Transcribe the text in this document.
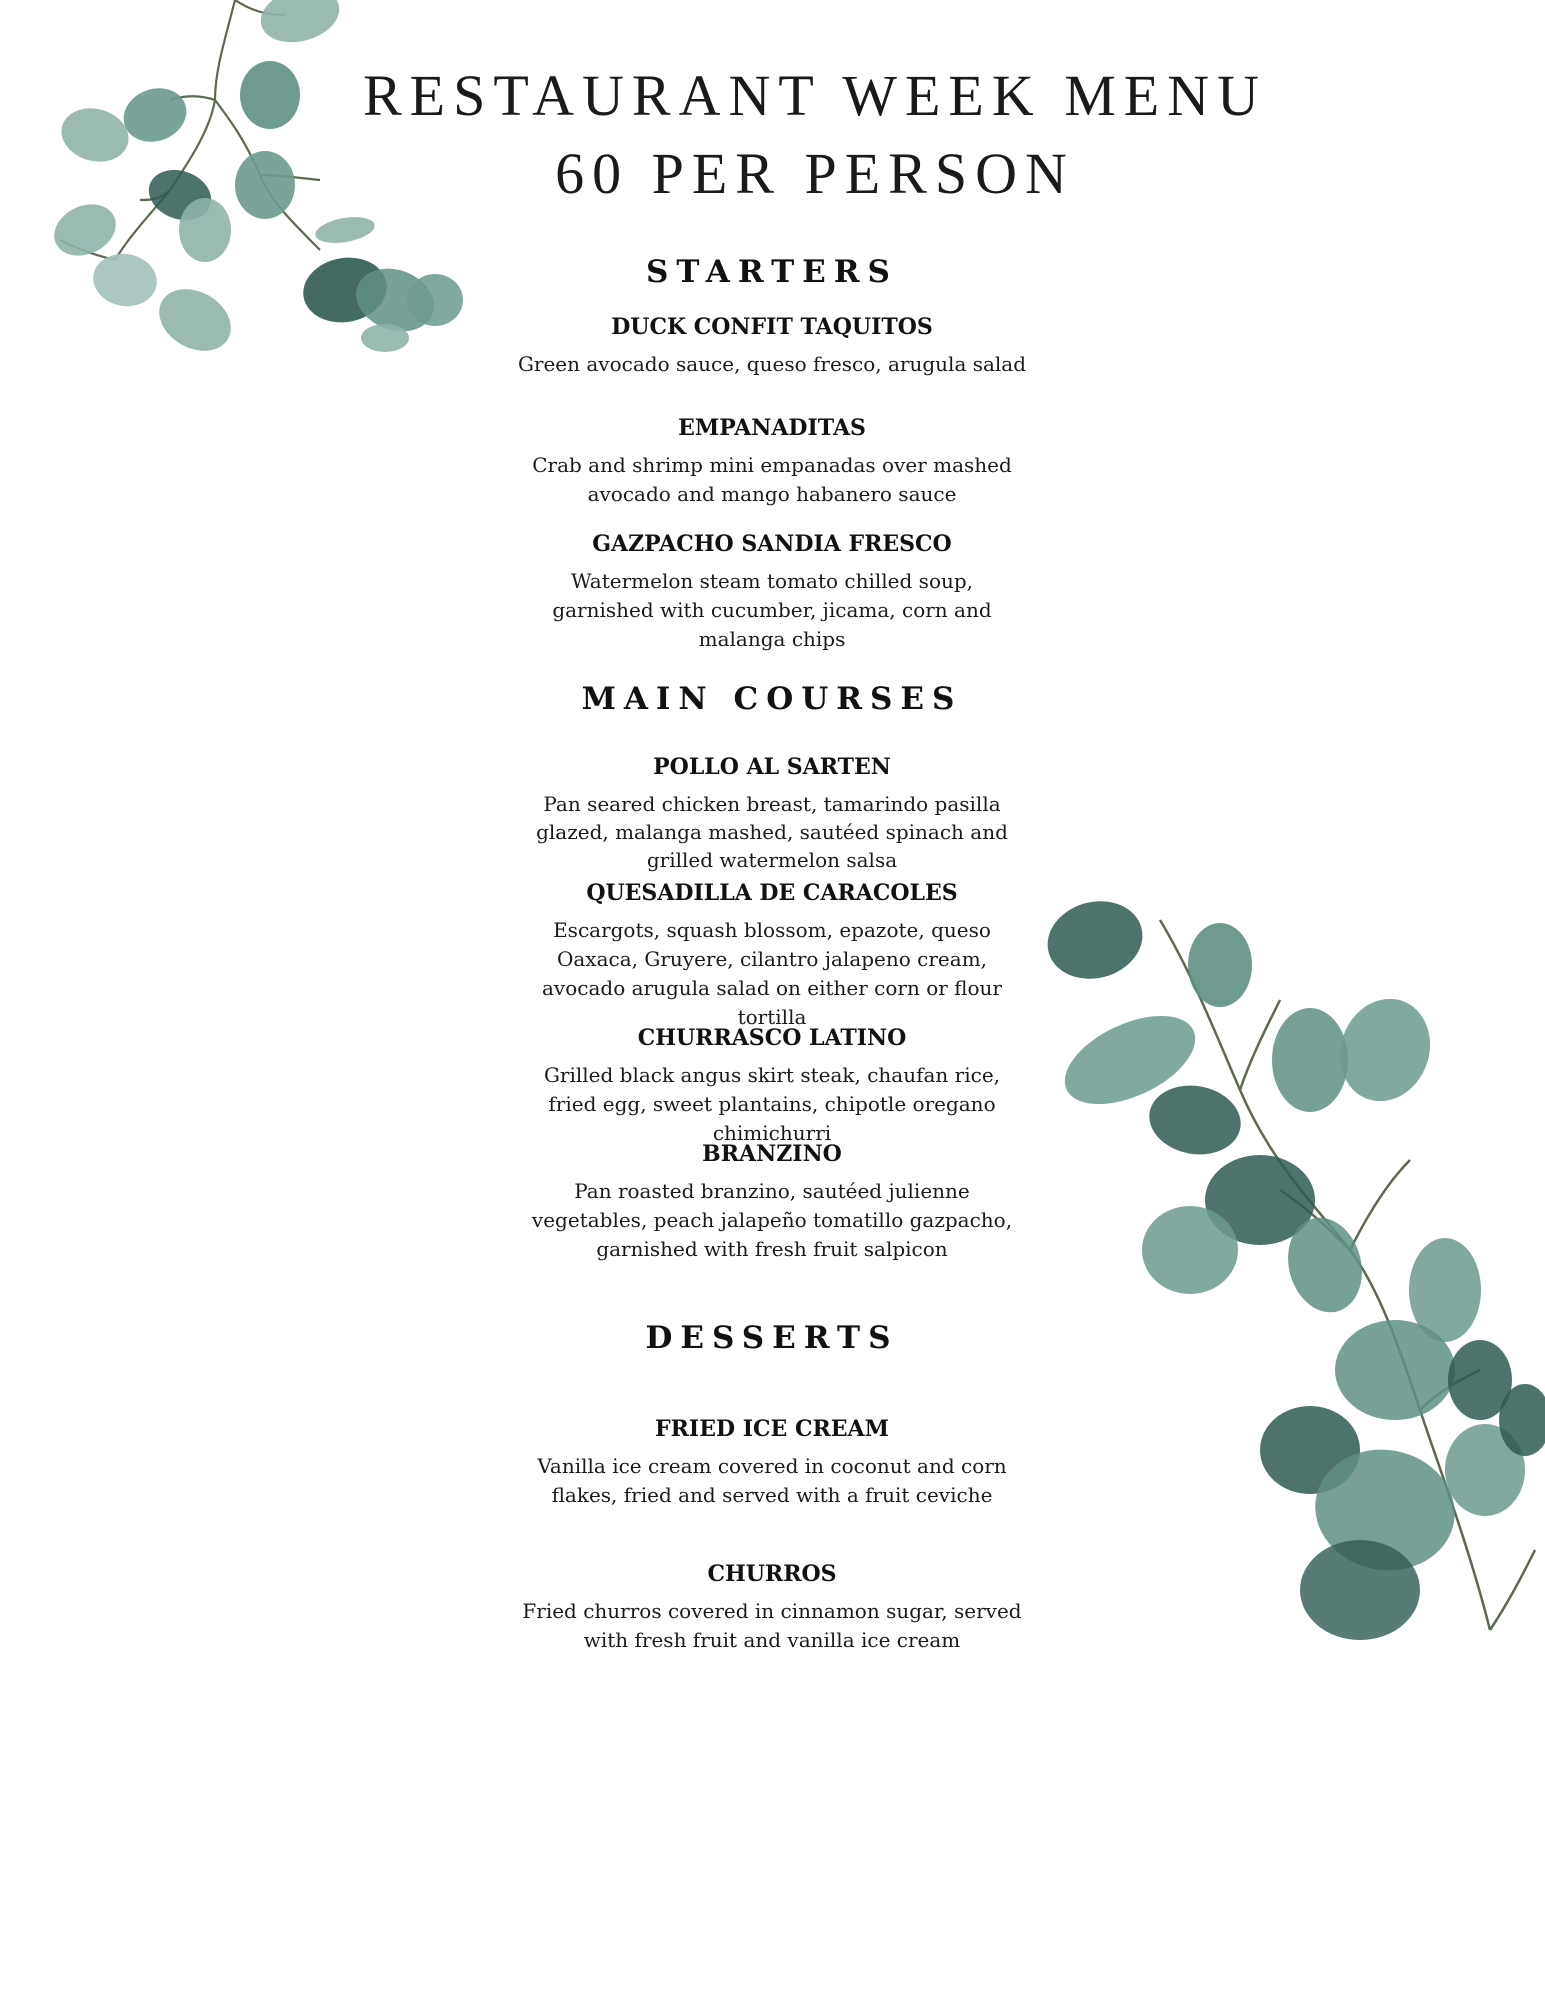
RESTAURANT WEEK MENU
60 PER PERSON
STARTERS
DUCK CONFIT TAQUITOS
Green avocado sauce, queso fresco, arugula salad
EMPANADITAS
Crab and shrimp mini empanadas over mashed avocado and mango habanero sauce
GAZPACHO SANDIA FRESCO
Watermelon steam tomato chilled soup, garnished with cucumber, jicama, corn and malanga chips
MAIN COURSES
POLLO AL SARTEN
Pan seared chicken breast, tamarindo pasilla glazed, malanga mashed, sautéed spinach and grilled watermelon salsa
QUESADILLA DE CARACOLES
Escargots, squash blossom, epazote, queso Oaxaca, Gruyere, cilantro jalapeno cream, avocado arugula salad on either corn or flour tortilla
CHURRASCO LATINO
Grilled black angus skirt steak, chaufan rice, fried egg, sweet plantains, chipotle oregano chimichurri
BRANZINO
Pan roasted branzino, sautéed julienne vegetables, peach jalapeño tomatillo gazpacho, garnished with fresh fruit salpicon
DESSERTS
FRIED ICE CREAM
Vanilla ice cream covered in coconut and corn flakes, fried and served with a fruit ceviche
CHURROS
Fried churros covered in cinnamon sugar, served with fresh fruit and vanilla ice cream
